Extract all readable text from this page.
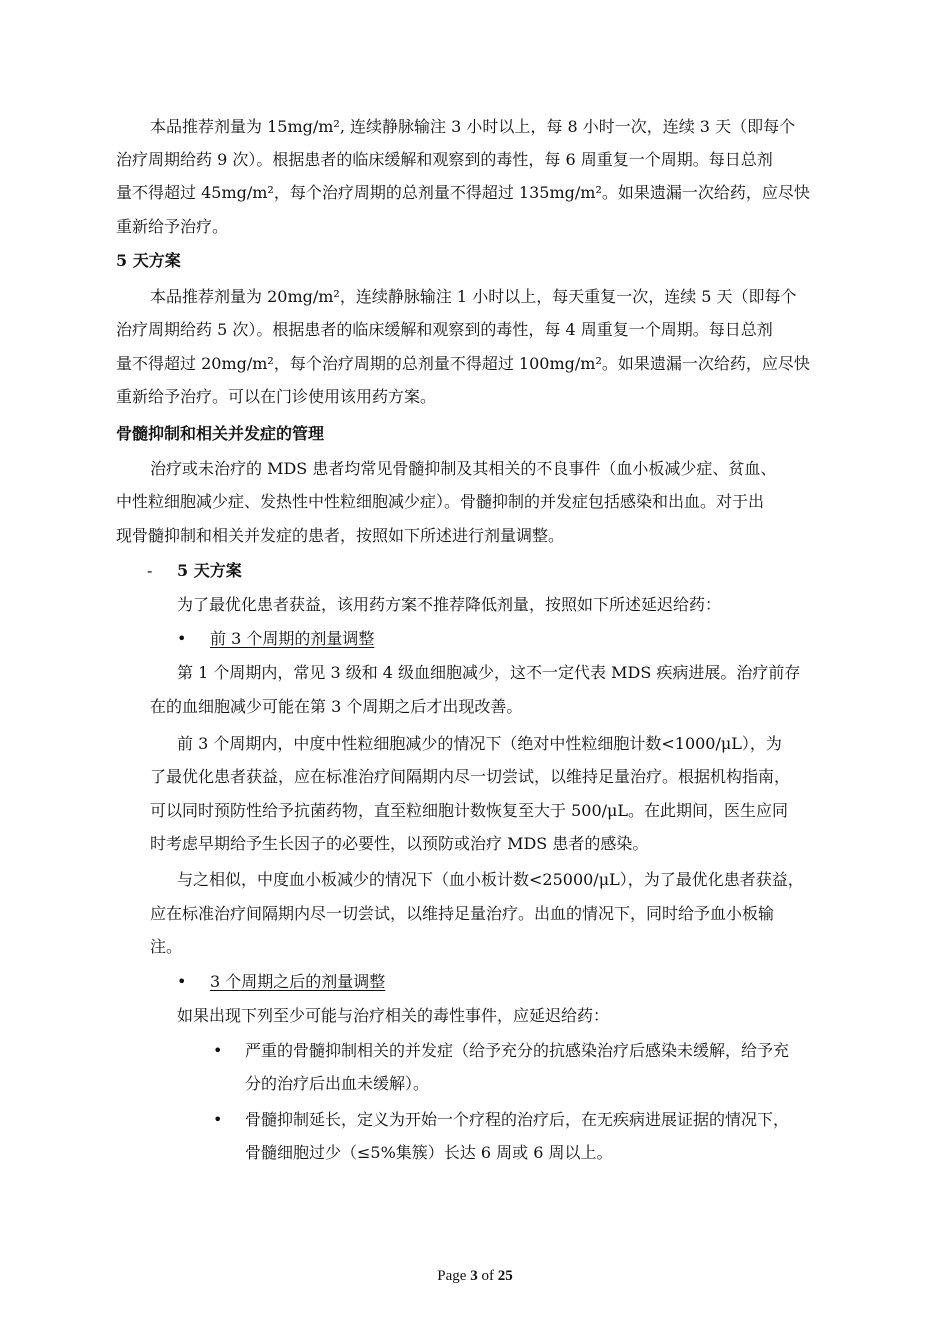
本品推荐剂量为 15mg/m², 连续静脉输注 3 小时以上，每 8 小时一次，连续 3 天（即每个
治疗周期给药 9 次）。根据患者的临床缓解和观察到的毒性，每 6 周重复一个周期。每日总剂
量不得超过 45mg/m²，每个治疗周期的总剂量不得超过 135mg/m²。如果遗漏一次给药，应尽快
重新给予治疗。
5 天方案
本品推荐剂量为 20mg/m²，连续静脉输注 1 小时以上，每天重复一次，连续 5 天（即每个
治疗周期给药 5 次）。根据患者的临床缓解和观察到的毒性，每 4 周重复一个周期。每日总剂
量不得超过 20mg/m²，每个治疗周期的总剂量不得超过 100mg/m²。如果遗漏一次给药，应尽快
重新给予治疗。可以在门诊使用该用药方案。
骨髓抑制和相关并发症的管理
治疗或未治疗的 MDS 患者均常见骨髓抑制及其相关的不良事件（血小板减少症、贫血、
中性粒细胞减少症、发热性中性粒细胞减少症）。骨髓抑制的并发症包括感染和出血。对于出
现骨髓抑制和相关并发症的患者，按照如下所述进行剂量调整。
- 5 天方案
为了最优化患者获益，该用药方案不推荐降低剂量，按照如下所述延迟给药：
• 前 3 个周期的剂量调整
第 1 个周期内，常见 3 级和 4 级血细胞减少，这不一定代表 MDS 疾病进展。治疗前存
在的血细胞减少可能在第 3 个周期之后才出现改善。
前 3 个周期内，中度中性粒细胞减少的情况下（绝对中性粒细胞计数<1000/μL），为
了最优化患者获益，应在标准治疗间隔期内尽一切尝试，以维持足量治疗。根据机构指南，
可以同时预防性给予抗菌药物，直至粒细胞计数恢复至大于 500/μL。在此期间，医生应同
时考虑早期给予生长因子的必要性，以预防或治疗 MDS 患者的感染。
与之相似，中度血小板减少的情况下（血小板计数<25000/μL），为了最优化患者获益，
应在标准治疗间隔期内尽一切尝试，以维持足量治疗。出血的情况下，同时给予血小板输
注。
• 3 个周期之后的剂量调整
如果出现下列至少可能与治疗相关的毒性事件，应延迟给药：
• 严重的骨髓抑制相关的并发症（给予充分的抗感染治疗后感染未缓解，给予充
分的治疗后出血未缓解）。
• 骨髓抑制延长，定义为开始一个疗程的治疗后，在无疾病进展证据的情况下，
骨髓细胞过少（≤5%集簇）长达 6 周或 6 周以上。
Page 3 of 25
